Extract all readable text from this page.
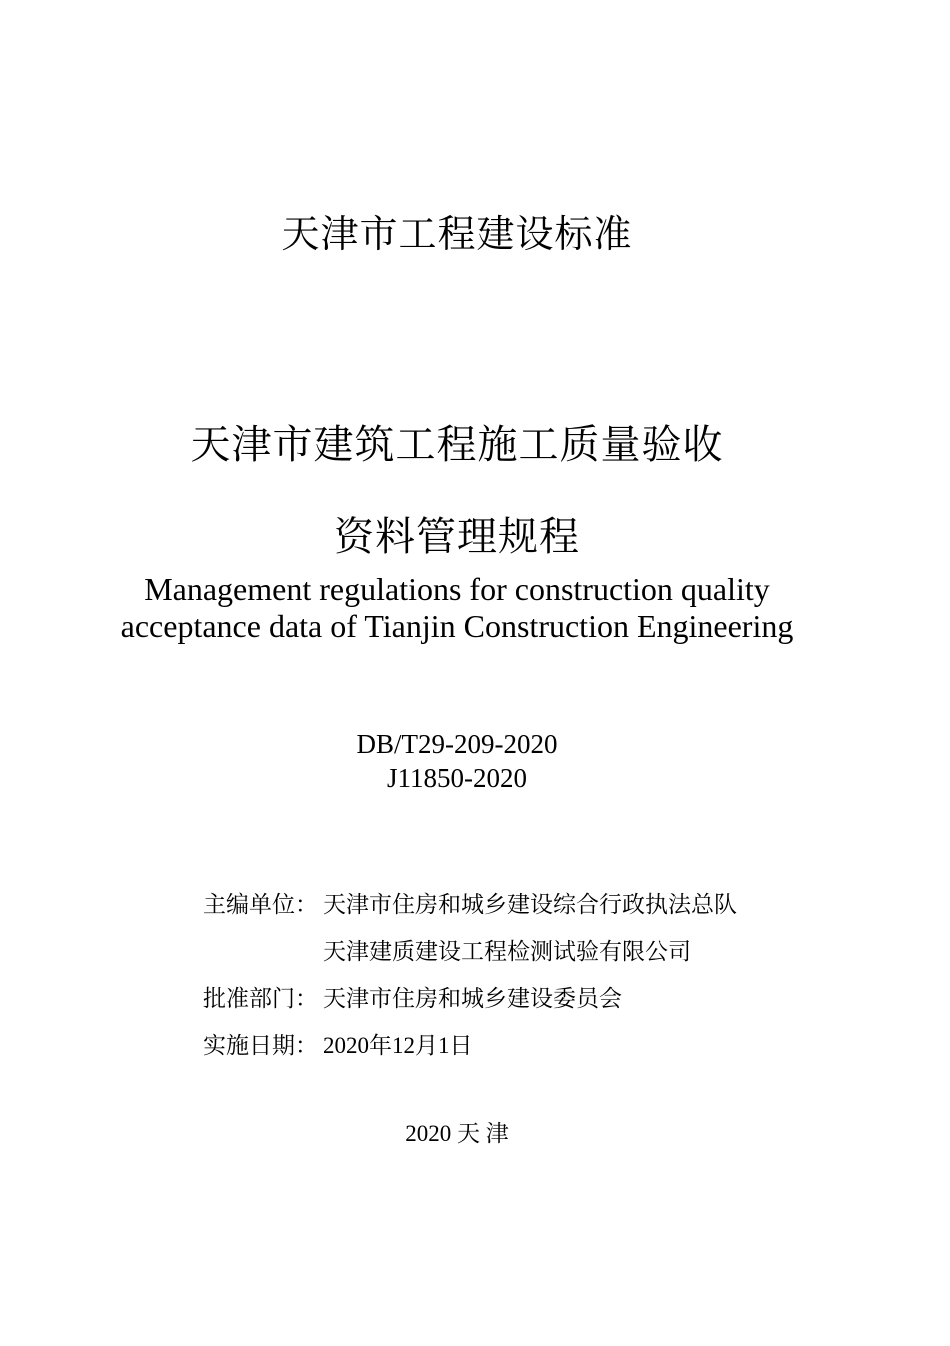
天津市工程建设标准
天津市建筑工程施工质量验收
资料管理规程
Management regulations for construction quality
acceptance data of Tianjin Construction Engineering
DB/T29-209-2020
J11850-2020
主编单位： 天津市住房和城乡建设综合行政执法总队
天津建质建设工程检测试验有限公司
批准部门： 天津市住房和城乡建设委员会
实施日期： 2020年12月1日
2020 天 津
